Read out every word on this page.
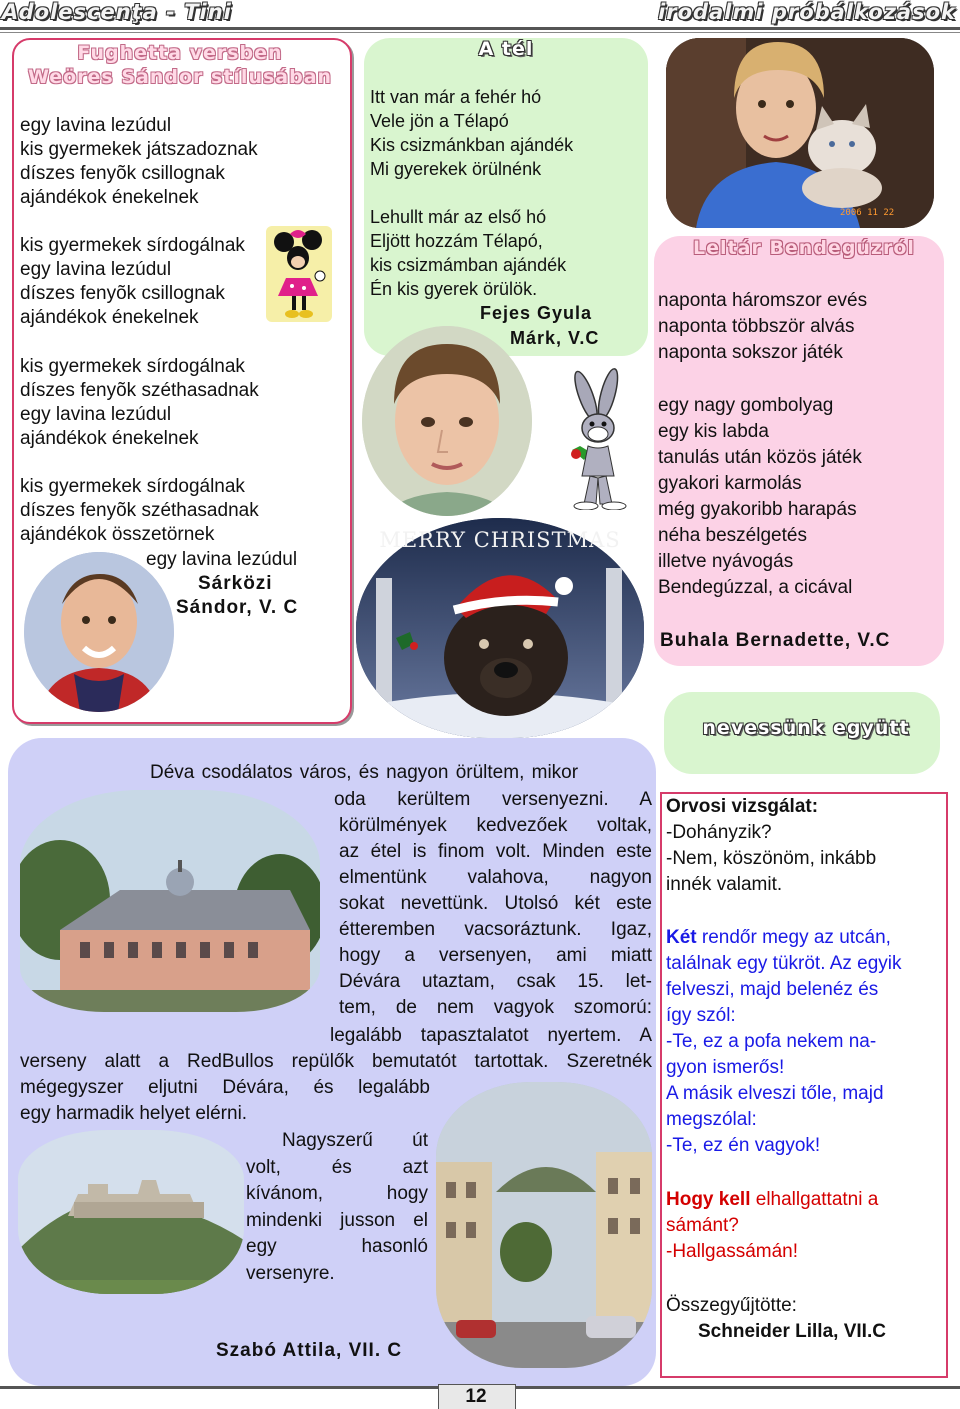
Adolescenţa - Tini	irodalmi próbálkozások
Fughetta versben
Weöres Sándor stílusában

egy lavina lezúdul

kis gyermekek játszadoznak

díszes fenyõk csillognak

ajándékok énekelnek

kis gyermekek sírdogálnak

egy lavina lezúdul

díszes fenyõk csillognak

ajándékok énekelnek

kis gyermekek sírdogálnak

díszes fenyõk széthasadnak

egy lavina lezúdul

ajándékok énekelnek

kis gyermekek sírdogálnak

díszes fenyõk széthasadnak

ajándékok összetörnek

egy lavina lezúdul
Sárközi
Sándor, V. C
A tél

Itt van már a fehér hó

Vele jön a Télapó

Kis csizmánkban ajándék

Mi gyerekek örülnénk

Lehullt már az első hó

Eljött hozzám Télapó,

kis csizmámban ajándék

Én kis gyerek örülök.

Fejes Gyula
Márk, V.C
MERRY CHRISTMAS
2006 11 22
Leltár Bendegúzról

naponta háromszor evés

naponta többször alvás

naponta sokszor játék

egy nagy gombolyag

egy kis labda

tanulás után közös játék

gyakori karmolás

még gyakoribb harapás

néha beszélgetés

illetve nyávogás

Bendegúzzal, a cicával

Buhala Bernadette, V.C
nevessünk együtt
Déva csodálatos város, és nagyon örültem, mikor

oda kerültem versenyezni. A

körülmények kedvezőek voltak,

az étel is finom volt. Minden este

elmentünk valahova, nagyon

sokat nevettünk. Utolsó két este

étteremben vacsoráztunk. Igaz,

hogy a versenyen, ami miatt

Dévára utaztam, csak 15. let-

tem, de nem vagyok szomorú:

legalább tapasztalatot nyertem. A
verseny alatt a RedBullos repülők bemutatót tartottak. Szeretnék
mégegyszer eljutni Dévára, és legalább
egy harmadik helyet elérni.

Nagyszerű út

volt, és azt

kívánom, hogy

mindenki jusson el

egy hasonló

versenyre.

Szabó Attila, VII. C

Orvosi vizsgálat:

-Dohányzik?

-Nem, köszönöm, inkább

innék valamit.

Két rendőr megy az utcán,

találnak egy tükröt. Az egyik

felveszi, majd belenéz és

így szól:

-Te, ez a pofa nekem na-

gyon ismerős!

A másik elveszi tőle, majd

megszólal:

-Te, ez én vagyok!

Hogy kell elhallgattatni a

sámánt?

-Hallgassámán!

Összegyűjtötte:
Schneider Lilla, VII.C
12
